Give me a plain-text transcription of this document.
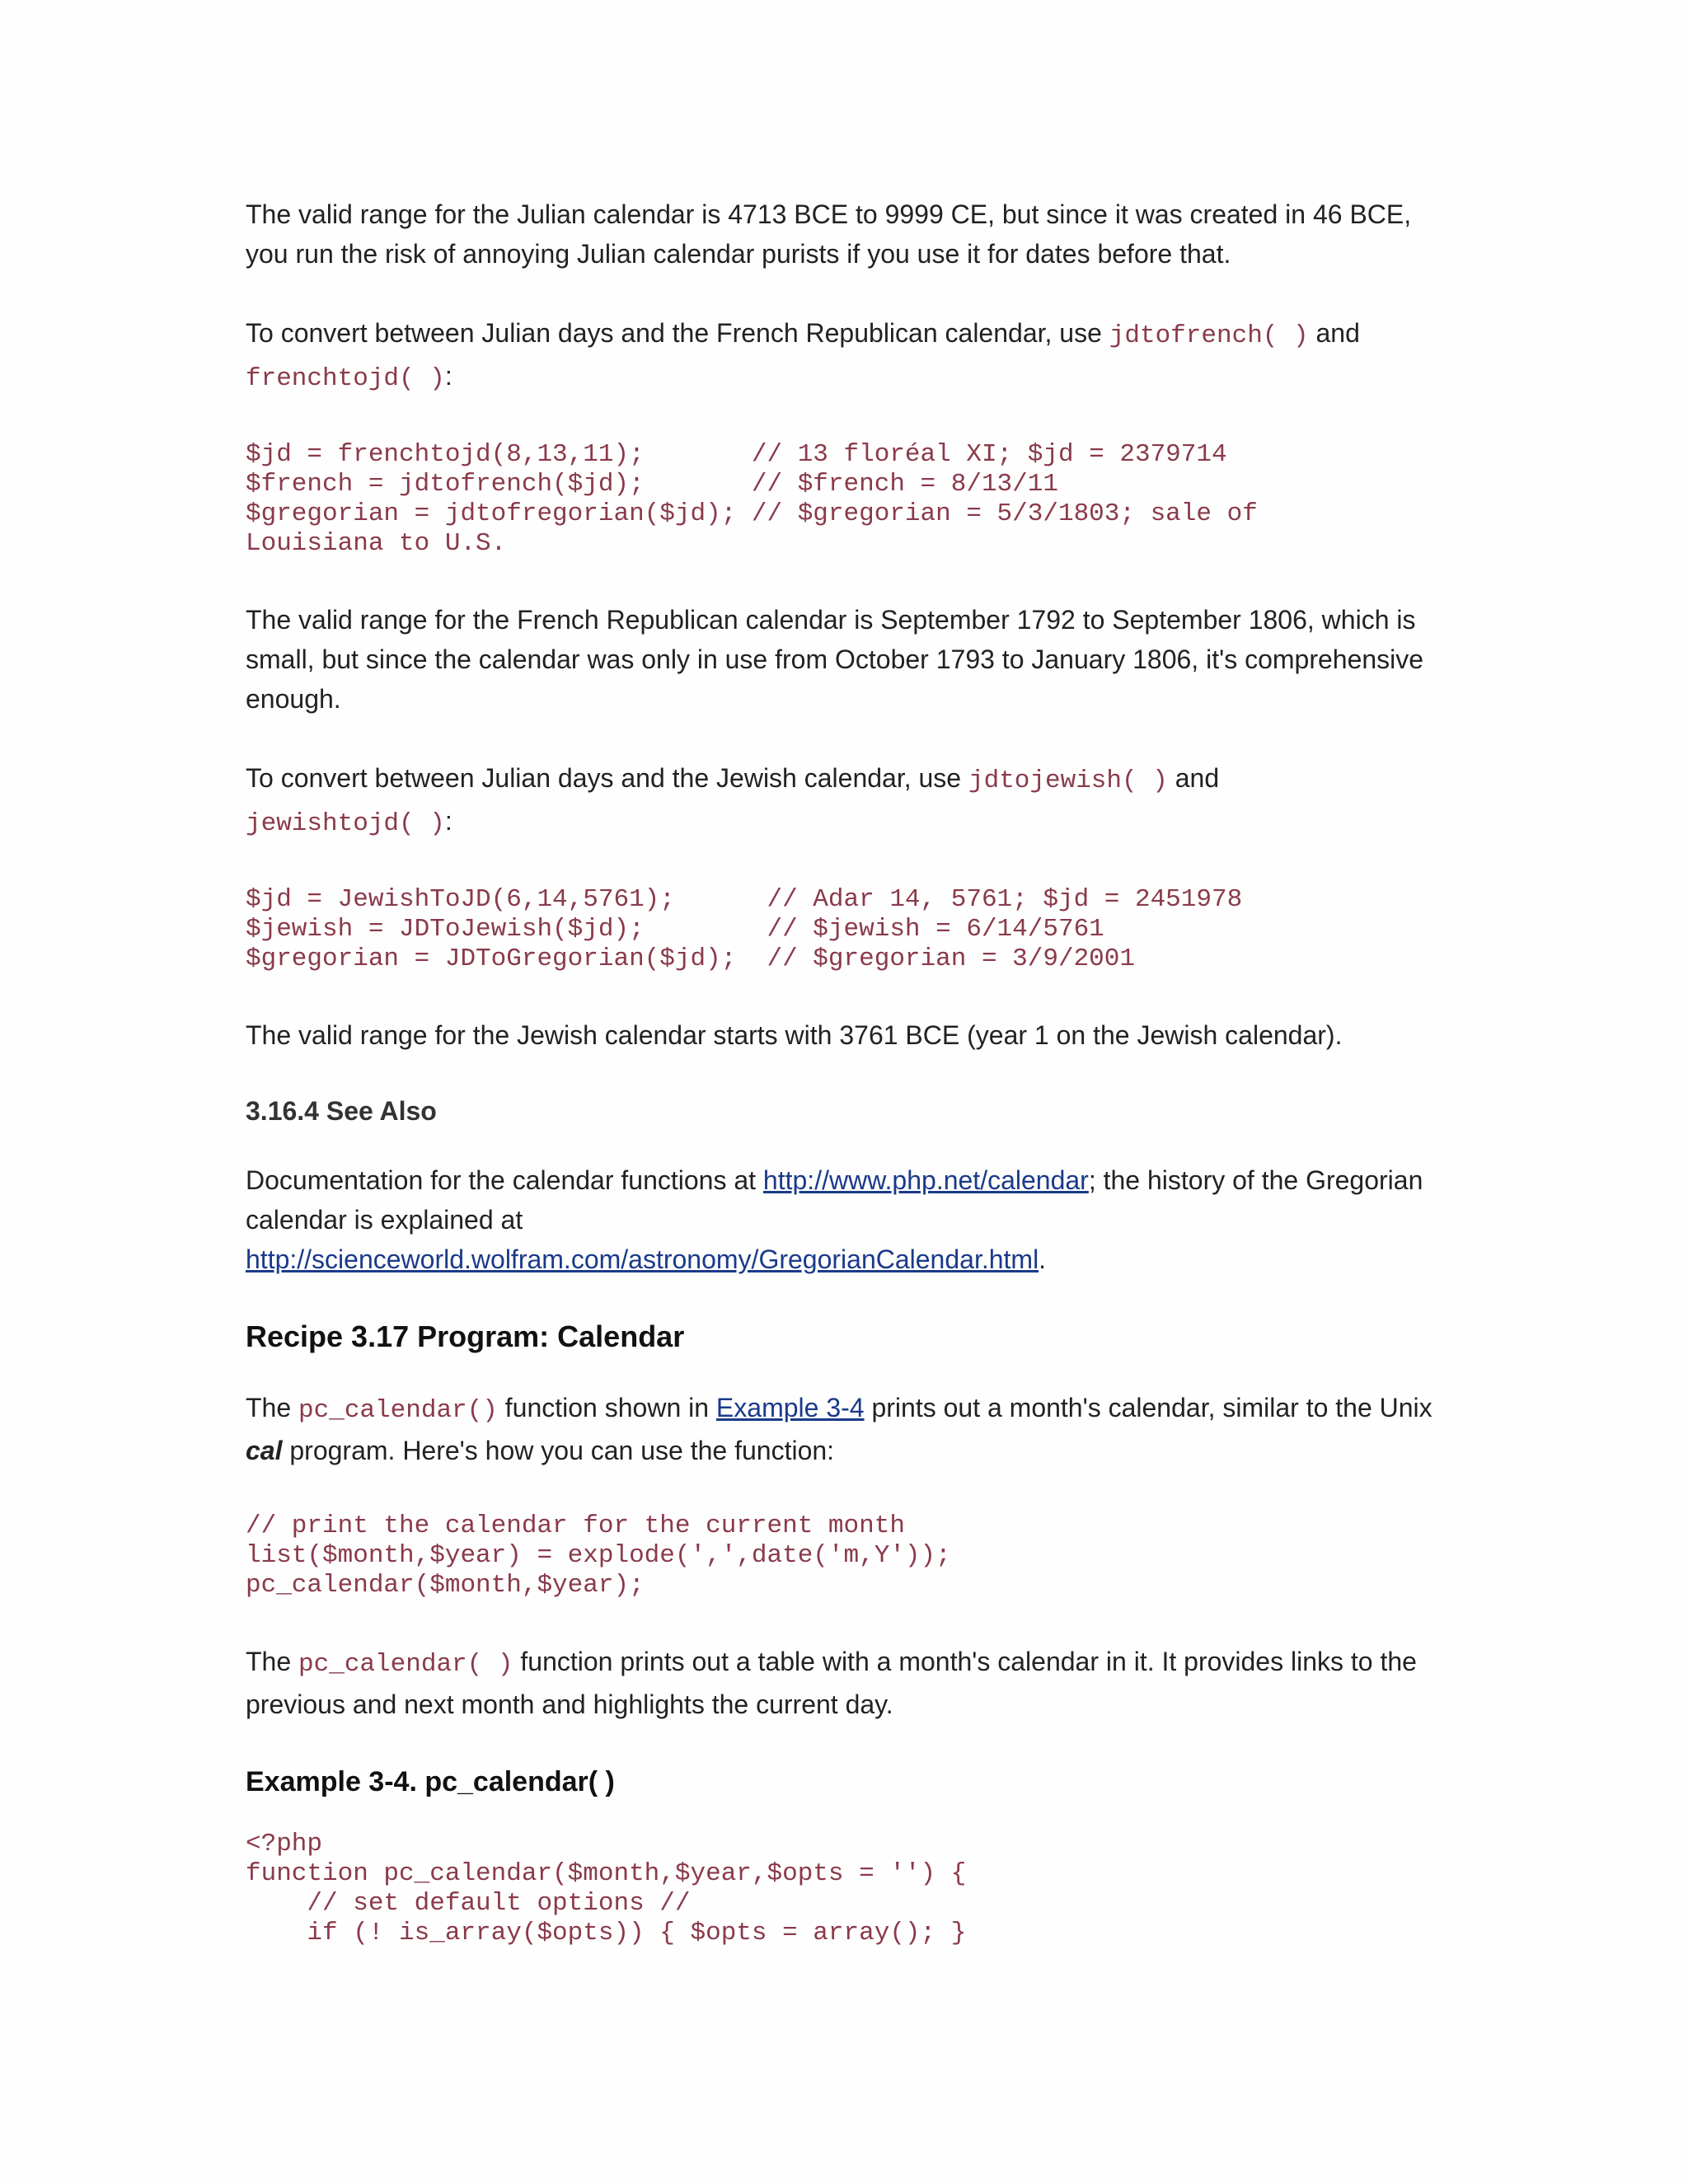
The valid range for the Julian calendar is 4713 BCE to 9999 CE, but since it was created in 46 BCE, you run the risk of annoying Julian calendar purists if you use it for dates before that.

To convert between Julian days and the French Republican calendar, use jdtofrench( ) and
frenchtojd( ):

$jd = frenchtojd(8,13,11);       // 13 floréal XI; $jd = 2379714
$french = jdtofrench($jd);       // $french = 8/13/11
$gregorian = jdtofregorian($jd); // $gregorian = 5/3/1803; sale of
Louisiana to U.S.

The valid range for the French Republican calendar is September 1792 to September 1806, which is small, but since the calendar was only in use from October 1793 to January 1806, it's comprehensive enough.

To convert between Julian days and the Jewish calendar, use jdtojewish( ) and
jewishtojd( ):

$jd = JewishToJD(6,14,5761);      // Adar 14, 5761; $jd = 2451978
$jewish = JDToJewish($jd);        // $jewish = 6/14/5761
$gregorian = JDToGregorian($jd);  // $gregorian = 3/9/2001

The valid range for the Jewish calendar starts with 3761 BCE (year 1 on the Jewish calendar).

3.16.4 See Also

Documentation for the calendar functions at http://www.php.net/calendar; the history of the Gregorian calendar is explained at
http://scienceworld.wolfram.com/astronomy/GregorianCalendar.html.

Recipe 3.17 Program: Calendar

The pc_calendar() function shown in Example 3-4 prints out a month's calendar, similar to the Unix cal program. Here's how you can use the function:

// print the calendar for the current month
list($month,$year) = explode(',',date('m,Y'));
pc_calendar($month,$year);

The pc_calendar( ) function prints out a table with a month's calendar in it. It provides links to the previous and next month and highlights the current day.

Example 3-4. pc_calendar( )
<?php
function pc_calendar($month,$year,$opts = '') {
// set default options //
if (! is_array($opts)) { $opts = array(); }
